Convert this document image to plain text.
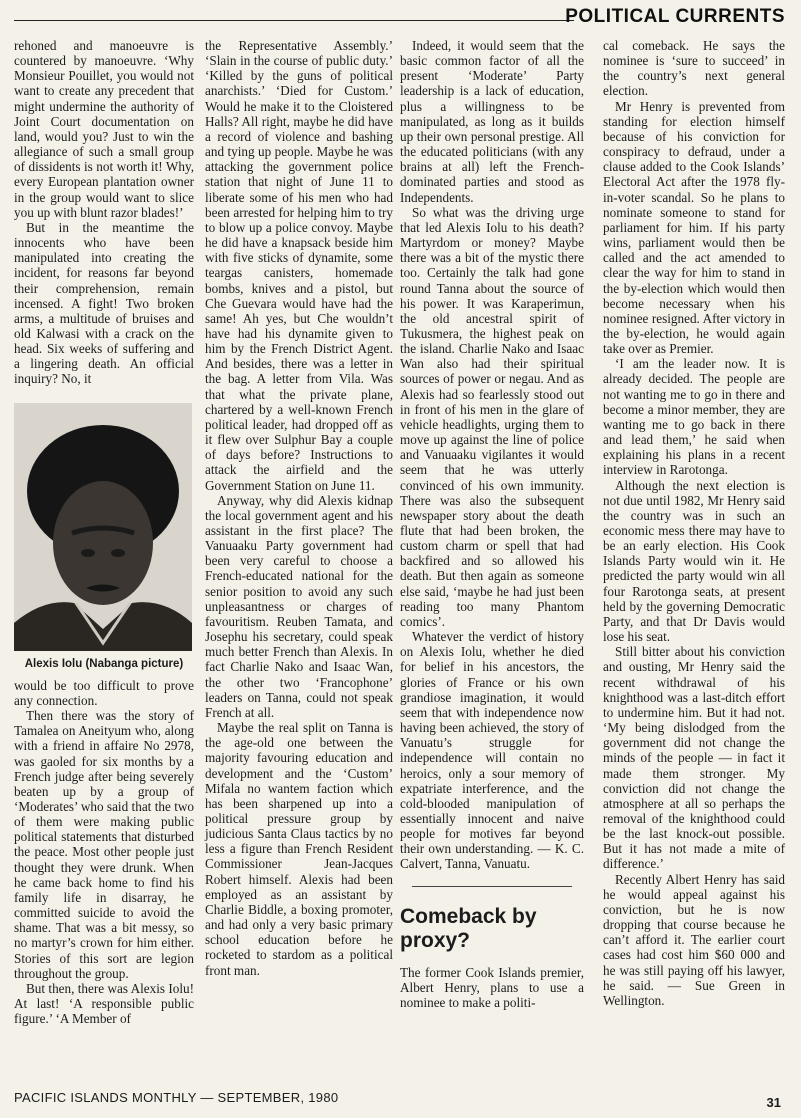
POLITICAL CURRENTS

rehoned and manoeuvre is countered by manoeuvre. ‘Why Monsieur Pouillet, you would not want to create any precedent that might undermine the authority of Joint Court documentation on land, would you? Just to win the allegiance of such a small group of dissidents is not worth it! Why, every European plantation owner in the group would want to slice you up with blunt razor blades!’

But in the meantime the innocents who have been manipulated into creating the incident, for reasons far beyond their comprehension, remain incensed. A fight! Two broken arms, a multitude of bruises and old Kalwasi with a crack on the head. Six weeks of suffering and a lingering death. An official inquiry? No, it

Alexis Iolu (Nabanga picture)

would be too difficult to prove any connection.

Then there was the story of Tamalea on Aneityum who, along with a friend in affaire No 2978, was gaoled for six months by a French judge after being severely beaten up by a group of ‘Moderates’ who said that the two of them were making public political statements that disturbed the peace. Most other people just thought they were drunk. When he came back home to find his family life in disarray, he committed suicide to avoid the shame. That was a bit messy, so no martyr’s crown for him either. Stories of this sort are legion throughout the group.

But then, there was Alexis Iolu! At last! ‘A responsible public figure.’ ‘A Member of

the Representative Assembly.’ ‘Slain in the course of public duty.’ ‘Killed by the guns of political anarchists.’ ‘Died for Custom.’ Would he make it to the Cloistered Halls? All right, maybe he did have a record of violence and bashing and tying up people. Maybe he was attacking the government police station that night of June 11 to liberate some of his men who had been arrested for helping him to try to blow up a police convoy. Maybe he did have a knapsack beside him with five sticks of dynamite, some teargas canisters, homemade bombs, knives and a pistol, but Che Guevara would have had the same! Ah yes, but Che wouldn’t have had his dynamite given to him by the French District Agent. And besides, there was a letter in the bag. A letter from Vila. Was that what the private plane, chartered by a well-known French political leader, had dropped off as it flew over Sulphur Bay a couple of days before? Instructions to attack the airfield and the Government Station on June 11.

Anyway, why did Alexis kidnap the local government agent and his assistant in the first place? The Vanuaaku Party government had been very careful to choose a French-educated national for the senior position to avoid any such unpleasantness or charges of favouritism. Reuben Tamata, and Josephu his secretary, could speak much better French than Alexis. In fact Charlie Nako and Isaac Wan, the other two ‘Francophone’ leaders on Tanna, could not speak French at all.

Maybe the real split on Tanna is the age-old one between the majority favouring education and development and the ‘Custom’ Mifala no wantem faction which has been sharpened up into a political pressure group by judicious Santa Claus tactics by no less a figure than French Resident Commissioner Jean-Jacques Robert himself. Alexis had been employed as an assistant by Charlie Biddle, a boxing promoter, and had only a very basic primary school education before he rocketed to stardom as a political front man.

Indeed, it would seem that the basic common factor of all the present ‘Moderate’ Party leadership is a lack of education, plus a willingness to be manipulated, as long as it builds up their own personal prestige. All the educated politicians (with any brains at all) left the French-dominated parties and stood as Independents.

So what was the driving urge that led Alexis Iolu to his death? Martyrdom or money? Maybe there was a bit of the mystic there too. Certainly the talk had gone round Tanna about the source of his power. It was Karaperimun, the old ancestral spirit of Tukusmera, the highest peak on the island. Charlie Nako and Isaac Wan also had their spiritual sources of power or negau. And as Alexis had so fearlessly stood out in front of his men in the glare of vehicle headlights, urging them to move up against the line of police and Vanuaaku vigilantes it would seem that he was utterly convinced of his own immunity. There was also the subsequent newspaper story about the death flute that had been broken, the custom charm or spell that had backfired and so allowed his death. But then again as someone else said, ‘maybe he had just been reading too many Phantom comics’.

Whatever the verdict of history on Alexis Iolu, whether he died for belief in his ancestors, the glories of France or his own grandiose imagination, it would seem that with independence now having been achieved, the story of Vanuatu’s struggle for independence will contain no heroics, only a sour memory of expatriate interference, and the cold-blooded manipulation of essentially innocent and naive people for motives far beyond their own understanding. — K. C. Calvert, Tanna, Vanuatu.

Comeback by proxy?

The former Cook Islands premier, Albert Henry, plans to use a nominee to make a politi-

cal comeback. He says the nominee is ‘sure to succeed’ in the country’s next general election.

Mr Henry is prevented from standing for election himself because of his conviction for conspiracy to defraud, under a clause added to the Cook Islands’ Electoral Act after the 1978 fly-in-voter scandal. So he plans to nominate someone to stand for parliament for him. If his party wins, parliament would then be called and the act amended to clear the way for him to stand in the by-election which would then become necessary when his nominee resigned. After victory in the by-election, he would again take over as Premier.

‘I am the leader now. It is already decided. The people are not wanting me to go in there and become a minor member, they are wanting me to go back in there and lead them,’ he said when explaining his plans in a recent interview in Rarotonga.

Although the next election is not due until 1982, Mr Henry said the country was in such an economic mess there may have to be an early election. His Cook Islands Party would win it. He predicted the party would win all four Rarotonga seats, at present held by the governing Democratic Party, and that Dr Davis would lose his seat.

Still bitter about his conviction and ousting, Mr Henry said the recent withdrawal of his knighthood was a last-ditch effort to undermine him. But it had not. ‘My being dislodged from the government did not change the minds of the people — in fact it made them stronger. My conviction did not change the atmosphere at all so perhaps the removal of the knighthood could be the last knock-out possible. But it has not made a mite of difference.’

Recently Albert Henry has said he would appeal against his conviction, but he is now dropping that course because he can’t afford it. The earlier court cases had cost him $60 000 and he was still paying off his lawyer, he said. — Sue Green in Wellington.

PACIFIC ISLANDS MONTHLY — SEPTEMBER, 1980	31
